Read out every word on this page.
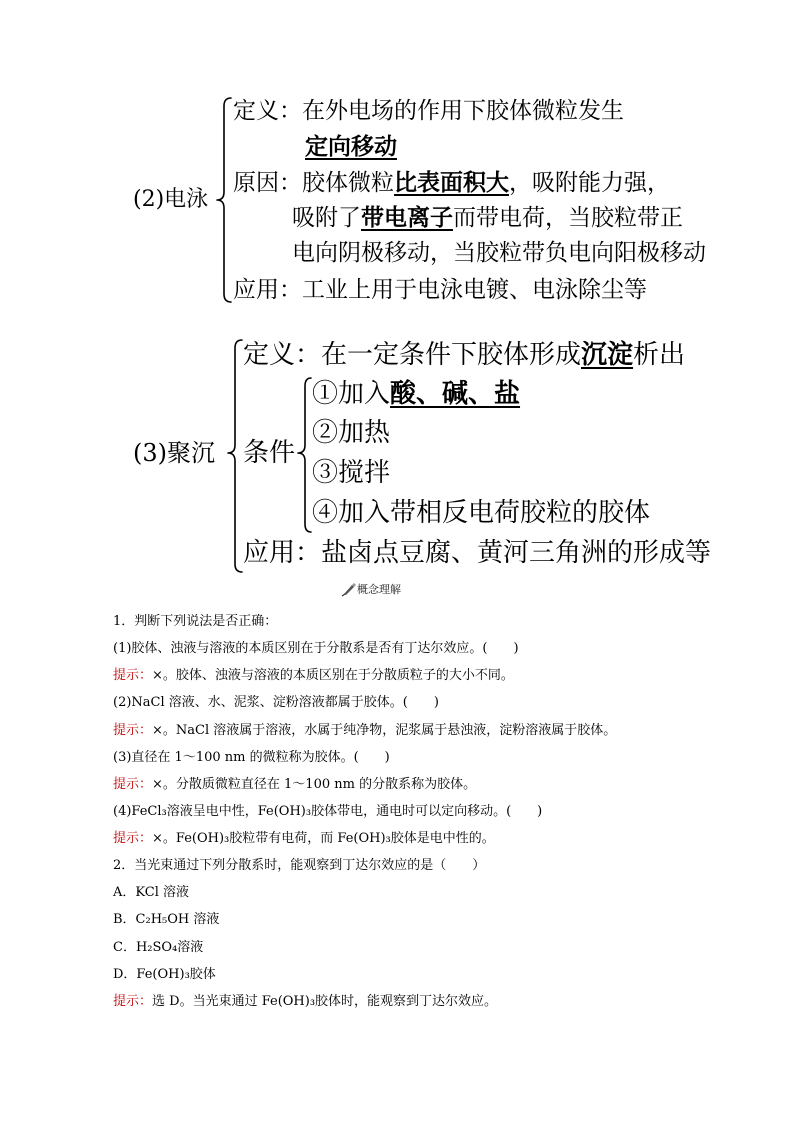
(2)电泳
定义：在外电场的作用下胶体微粒发生
定向移动
原因：胶体微粒比表面积大，吸附能力强，
吸附了带电离子而带电荷，当胶粒带正
电向阴极移动，当胶粒带负电向阳极移动
应用：工业上用于电泳电镀、电泳除尘等
(3)聚沉
定义：在一定条件下胶体形成沉淀析出
条件
①加入酸、碱、盐
②加热
③搅拌
④加入带相反电荷胶粒的胶体
应用：盐卤点豆腐、黄河三角洲的形成等
概念理解
1．判断下列说法是否正确：
(1)胶体、浊液与溶液的本质区别在于分散系是否有丁达尔效应。(　　)
提示：×。胶体、浊液与溶液的本质区别在于分散质粒子的大小不同。
(2)NaCl 溶液、水、泥浆、淀粉溶液都属于胶体。(　　)
提示：×。NaCl 溶液属于溶液，水属于纯净物，泥浆属于悬浊液，淀粉溶液属于胶体。
(3)直径在 1～100 nm 的微粒称为胶体。(　　)
提示：×。分散质微粒直径在 1～100 nm 的分散系称为胶体。
(4)FeCl₃溶液呈电中性，Fe(OH)₃胶体带电，通电时可以定向移动。(　　)
提示：×。Fe(OH)₃胶粒带有电荷，而 Fe(OH)₃胶体是电中性的。
2．当光束通过下列分散系时，能观察到丁达尔效应的是（　　）
A．KCl 溶液
B．C₂H₅OH 溶液
C．H₂SO₄溶液
D．Fe(OH)₃胶体
提示：选 D。当光束通过 Fe(OH)₃胶体时，能观察到丁达尔效应。
